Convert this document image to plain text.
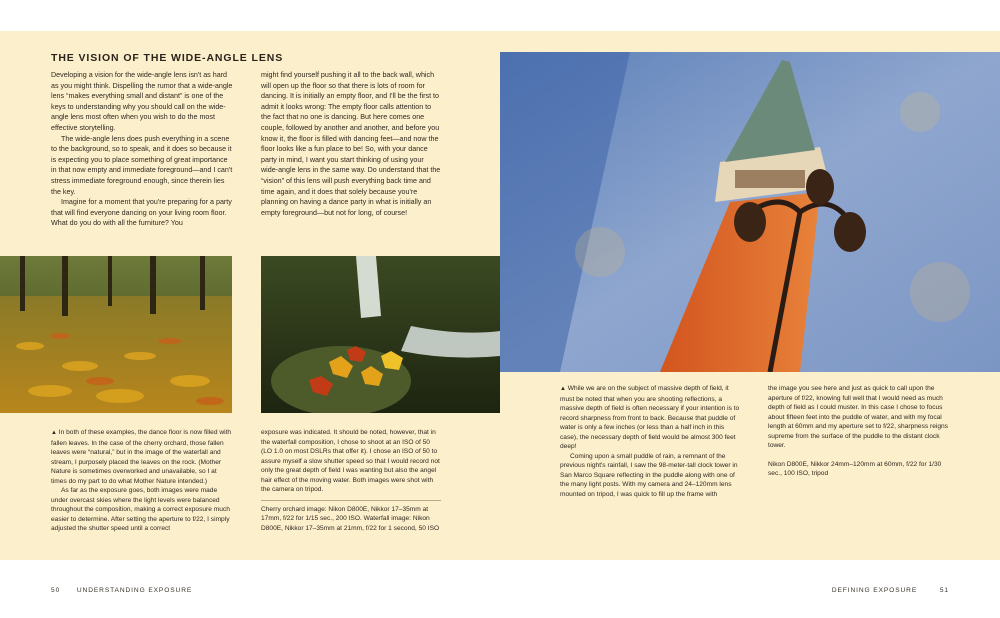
THE VISION OF THE WIDE-ANGLE LENS

Developing a vision for the wide-angle lens isn't as hard as you might think. Dispelling the rumor that a wide-angle lens “makes everything small and distant” is one of the keys to understanding why you should call on the wide-angle lens most often when you wish to do the most effective storytelling.

The wide-angle lens does push everything in a scene to the background, so to speak, and it does so because it is expecting you to place something of great importance in that now empty and immediate foreground—and I can't stress immediate foreground enough, since therein lies the key.

Imagine for a moment that you're preparing for a party that will find everyone dancing on your living room floor. What do you do with all the furniture? You

might find yourself pushing it all to the back wall, which will open up the floor so that there is lots of room for dancing. It is initially an empty floor, and I'll be the first to admit it looks wrong: The empty floor calls attention to the fact that no one is dancing. But here comes one couple, followed by another and another, and before you know it, the floor is filled with dancing feet—and now the floor looks like a fun place to be! So, with your dance party in mind, I want you start thinking of using your wide-angle lens in the same way. Do understand that the “vision” of this lens will push everything back time and time again, and it does that solely because you're planning on having a dance party in what is initially an empty foreground—but not for long, of course!

▲ In both of these examples, the dance floor is now filled with fallen leaves. In the case of the cherry orchard, those fallen leaves were “natural,” but in the image of the waterfall and stream, I purposely placed the leaves on the rock. (Mother Nature is sometimes overworked and unavailable, so I at times do my part to do what Mother Nature intended.)

As far as the exposure goes, both images were made under overcast skies where the light levels were balanced throughout the composition, making a correct exposure much easier to determine. After setting the aperture to f/22, I simply adjusted the shutter speed until a correct

exposure was indicated. It should be noted, however, that in the waterfall composition, I chose to shoot at an ISO of 50 (LO 1.0 on most DSLRs that offer it). I chose an ISO of 50 to assure myself a slow shutter speed so that I would record not only the great depth of field I was wanting but also the angel hair effect of the moving water. Both images were shot with the camera on tripod.

Cherry orchard image: Nikon D800E, Nikkor 17–35mm at 17mm, f/22 for 1/15 sec., 200 ISO. Waterfall image: Nikon D800E, Nikkor 17–35mm at 21mm, f/22 for 1 second, 50 ISO

▲ While we are on the subject of massive depth of field, it must be noted that when you are shooting reflections, a massive depth of field is often necessary if your intention is to record sharpness from front to back. Because that puddle of water is only a few inches (or less than a half inch in this case), the necessary depth of field would be almost 300 feet deep!

Coming upon a small puddle of rain, a remnant of the previous night's rainfall, I saw the 98-meter-tall clock tower in San Marco Square reflecting in the puddle along with one of the many light posts. With my camera and 24–120mm lens mounted on tripod, I was quick to fill up the frame with

the image you see here and just as quick to call upon the aperture of f/22, knowing full well that I would need as much depth of field as I could muster. In this case I chose to focus about fifteen feet into the puddle of water, and with my focal length at 60mm and my aperture set to f/22, sharpness reigns supreme from the surface of the puddle to the distant clock tower.

Nikon D800E, Nikkor 24mm–120mm at 60mm, f/22 for 1/30 sec., 100 ISO, tripod

50	UNDERSTANDING EXPOSURE	DEFINING EXPOSURE	51
